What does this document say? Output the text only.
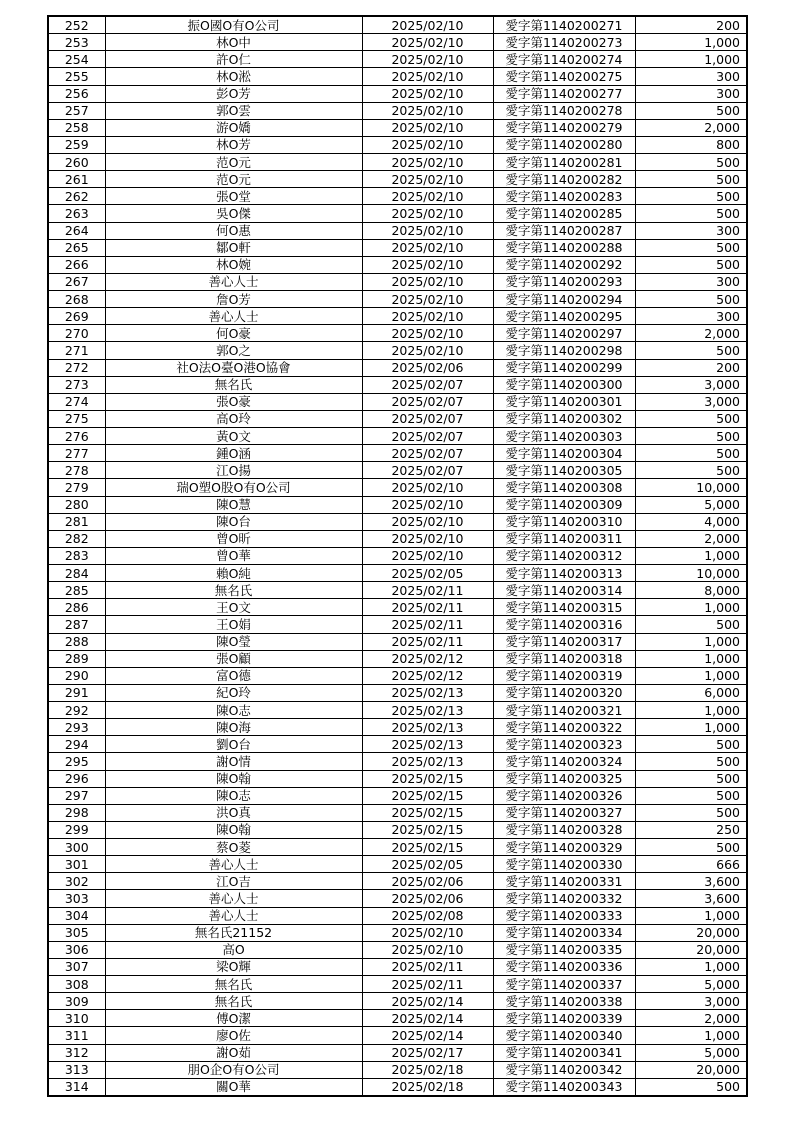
252	振O國O有O公司	2025/02/10	愛字第1140200271	200
253	林O中	2025/02/10	愛字第1140200273	1,000
254	許O仁	2025/02/10	愛字第1140200274	1,000
255	林O淞	2025/02/10	愛字第1140200275	300
256	彭O芳	2025/02/10	愛字第1140200277	300
257	郭O雲	2025/02/10	愛字第1140200278	500
258	游O嬌	2025/02/10	愛字第1140200279	2,000
259	林O芳	2025/02/10	愛字第1140200280	800
260	范O元	2025/02/10	愛字第1140200281	500
261	范O元	2025/02/10	愛字第1140200282	500
262	張O堂	2025/02/10	愛字第1140200283	500
263	吳O傑	2025/02/10	愛字第1140200285	500
264	何O惠	2025/02/10	愛字第1140200287	300
265	鄒O軒	2025/02/10	愛字第1140200288	500
266	林O婉	2025/02/10	愛字第1140200292	500
267	善心人士	2025/02/10	愛字第1140200293	300
268	詹O芳	2025/02/10	愛字第1140200294	500
269	善心人士	2025/02/10	愛字第1140200295	300
270	何O豪	2025/02/10	愛字第1140200297	2,000
271	郭O之	2025/02/10	愛字第1140200298	500
272	社O法O臺O港O協會	2025/02/06	愛字第1140200299	200
273	無名氏	2025/02/07	愛字第1140200300	3,000
274	張O豪	2025/02/07	愛字第1140200301	3,000
275	高O玲	2025/02/07	愛字第1140200302	500
276	黃O文	2025/02/07	愛字第1140200303	500
277	鍾O涵	2025/02/07	愛字第1140200304	500
278	江O揚	2025/02/07	愛字第1140200305	500
279	瑞O塑O股O有O公司	2025/02/10	愛字第1140200308	10,000
280	陳O慧	2025/02/10	愛字第1140200309	5,000
281	陳O台	2025/02/10	愛字第1140200310	4,000
282	曾O昕	2025/02/10	愛字第1140200311	2,000
283	曾O華	2025/02/10	愛字第1140200312	1,000
284	賴O純	2025/02/05	愛字第1140200313	10,000
285	無名氏	2025/02/11	愛字第1140200314	8,000
286	王O文	2025/02/11	愛字第1140200315	1,000
287	王O娟	2025/02/11	愛字第1140200316	500
288	陳O瑩	2025/02/11	愛字第1140200317	1,000
289	張O顧	2025/02/12	愛字第1140200318	1,000
290	富O德	2025/02/12	愛字第1140200319	1,000
291	紀O玲	2025/02/13	愛字第1140200320	6,000
292	陳O志	2025/02/13	愛字第1140200321	1,000
293	陳O海	2025/02/13	愛字第1140200322	1,000
294	劉O台	2025/02/13	愛字第1140200323	500
295	謝O情	2025/02/13	愛字第1140200324	500
296	陳O翰	2025/02/15	愛字第1140200325	500
297	陳O志	2025/02/15	愛字第1140200326	500
298	洪O真	2025/02/15	愛字第1140200327	500
299	陳O翰	2025/02/15	愛字第1140200328	250
300	蔡O菱	2025/02/15	愛字第1140200329	500
301	善心人士	2025/02/05	愛字第1140200330	666
302	江O吉	2025/02/06	愛字第1140200331	3,600
303	善心人士	2025/02/06	愛字第1140200332	3,600
304	善心人士	2025/02/08	愛字第1140200333	1,000
305	無名氏21152	2025/02/10	愛字第1140200334	20,000
306	高O	2025/02/10	愛字第1140200335	20,000
307	梁O輝	2025/02/11	愛字第1140200336	1,000
308	無名氏	2025/02/11	愛字第1140200337	5,000
309	無名氏	2025/02/14	愛字第1140200338	3,000
310	傅O潔	2025/02/14	愛字第1140200339	2,000
311	廖O佐	2025/02/14	愛字第1140200340	1,000
312	謝O茹	2025/02/17	愛字第1140200341	5,000
313	朋O企O有O公司	2025/02/18	愛字第1140200342	20,000
314	關O華	2025/02/18	愛字第1140200343	500
